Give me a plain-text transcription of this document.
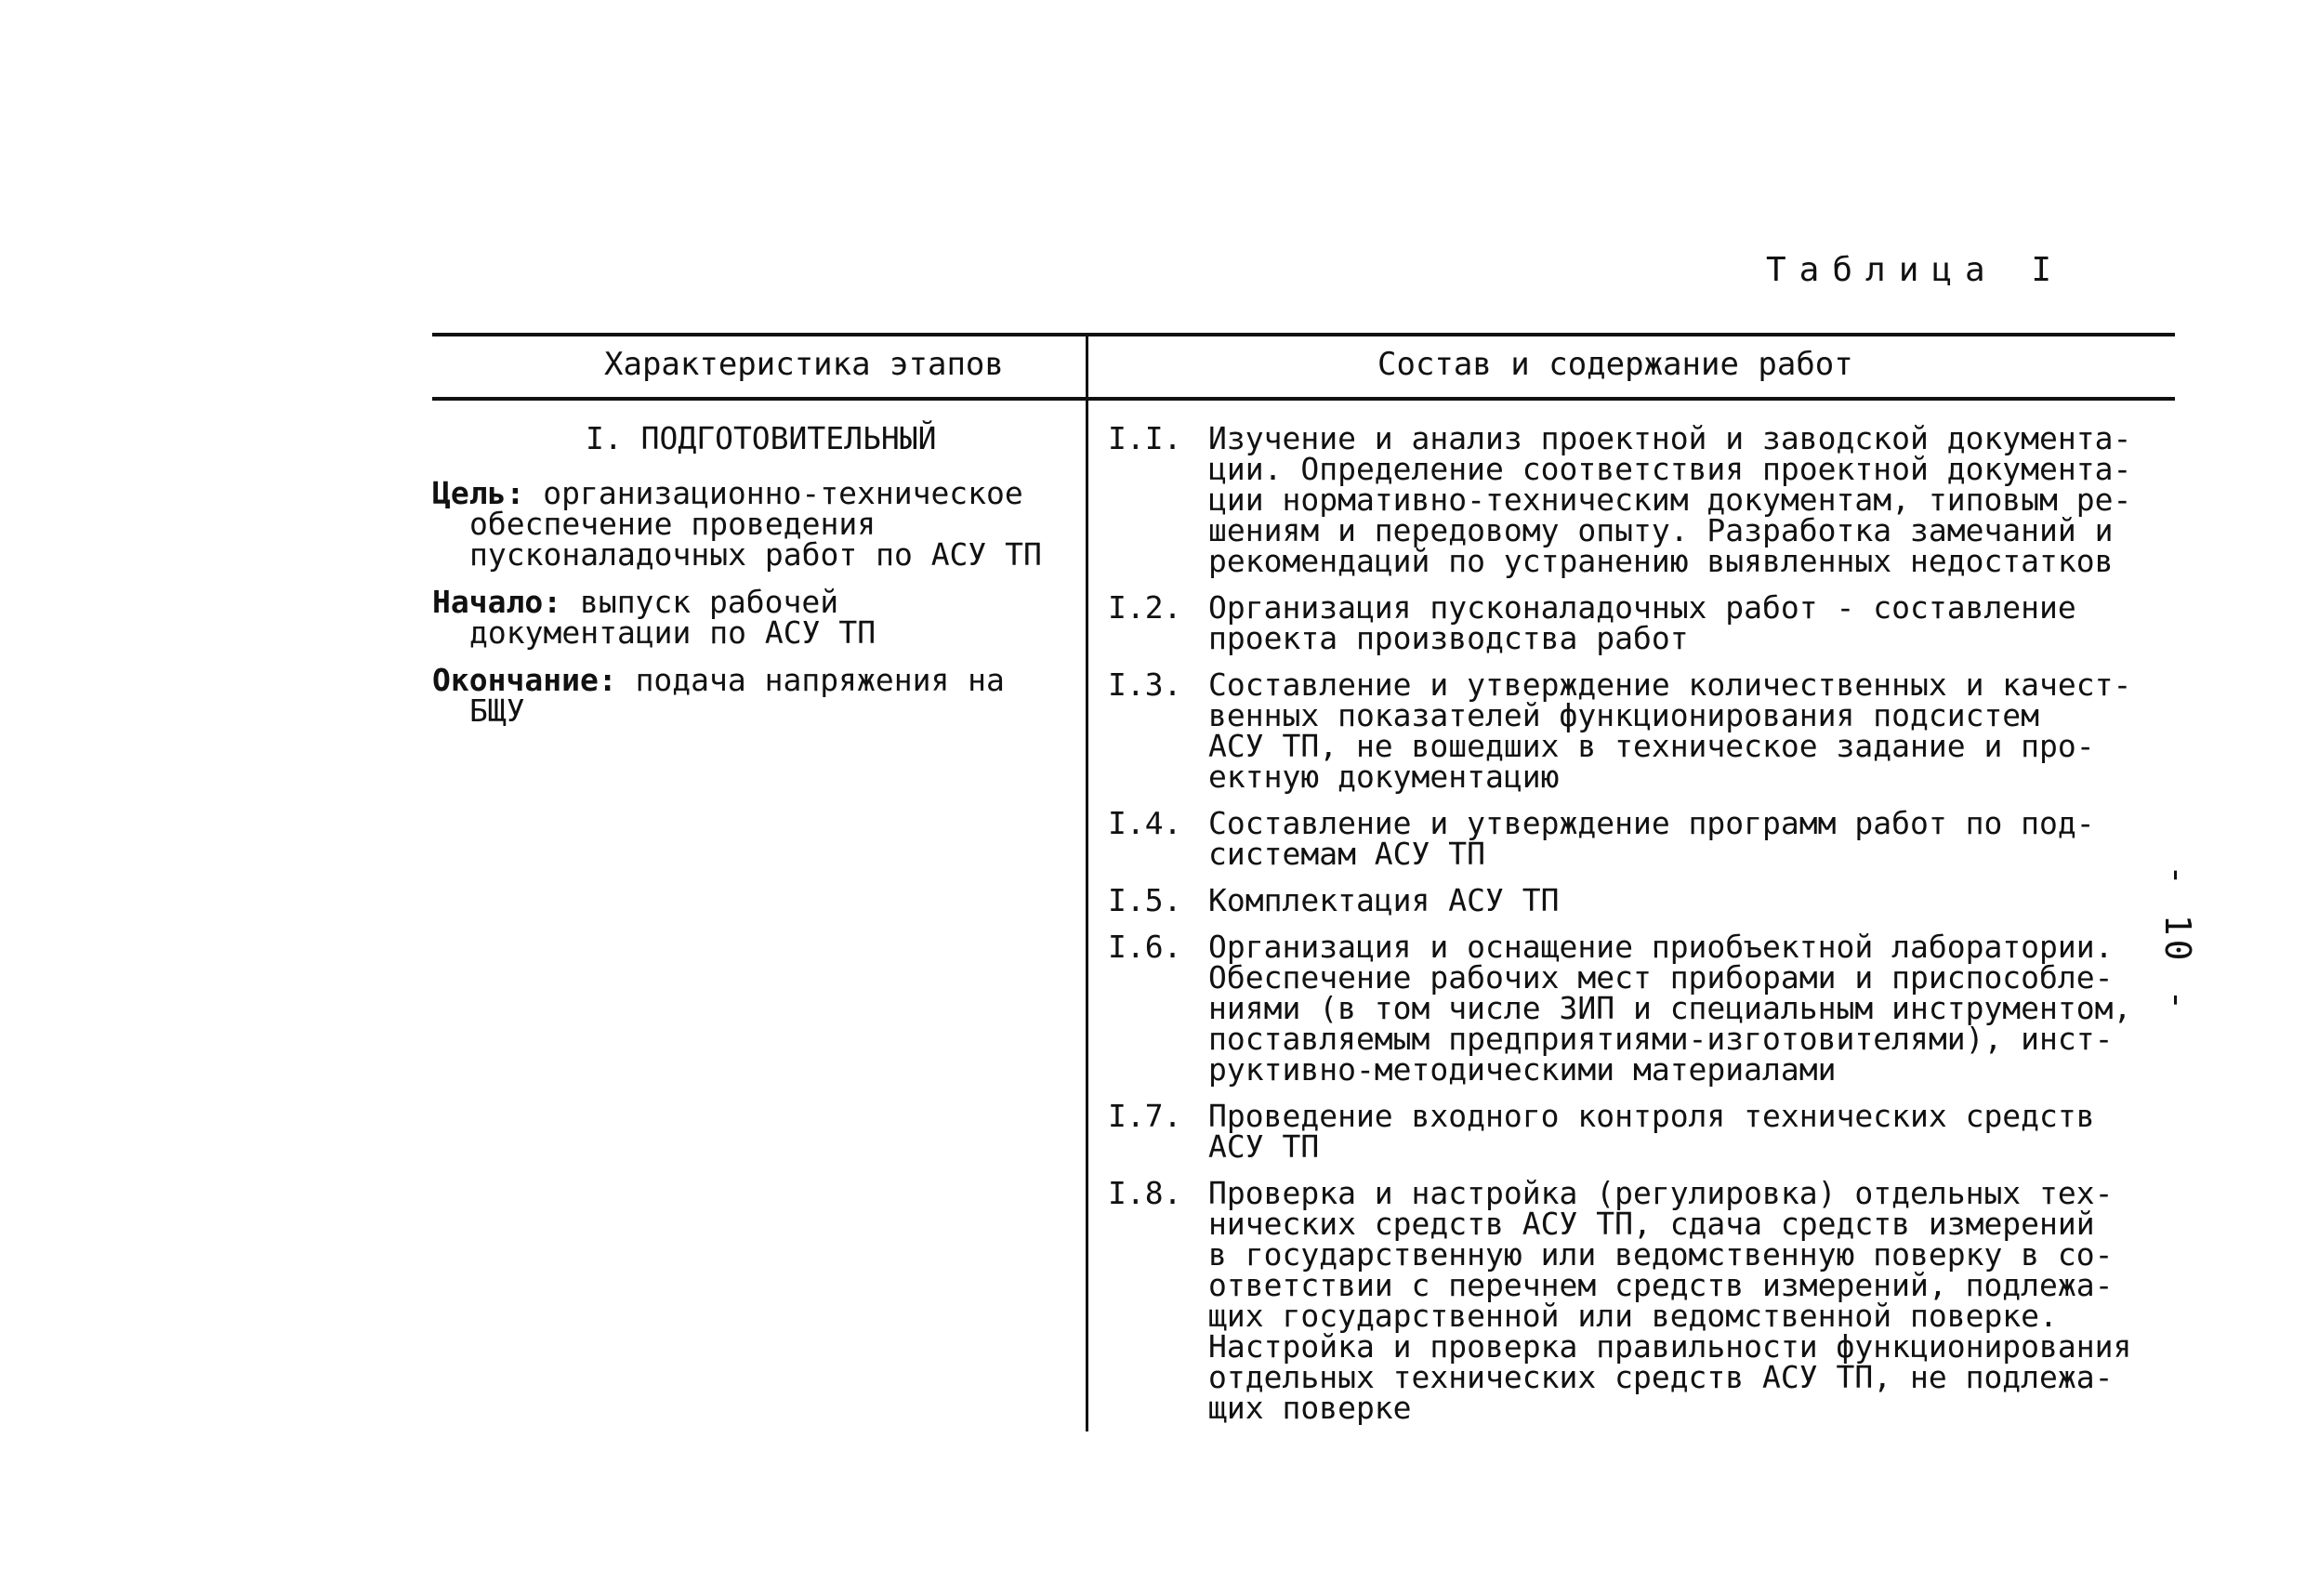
Таблица I
Характеристика этапов	Состав и содержание работ
I. ПОДГОТОВИТЕЛЬНЫЙ
Цель: организационно-техническое обеспечение проведения пусконаладочных работ по АСУ ТП
Начало: выпуск рабочей документации по АСУ ТП
Окончание: подача напряжения на БЩУ
I.I. Изучение и анализ проектной и заводской документа-
ции. Определение соответствия проектной документа-
ции нормативно-техническим документам, типовым ре-
шениям и передовому опыту. Разработка замечаний и
рекомендаций по устранению выявленных недостатков
I.2. Организация пусконаладочных работ - составление
проекта производства работ
I.3. Составление и утверждение количественных и качест-
венных показателей функционирования подсистем
АСУ ТП, не вошедших в техническое задание и про-
ектную документацию
I.4. Составление и утверждение программ работ по под-
системам АСУ ТП
I.5. Комплектация АСУ ТП
I.6. Организация и оснащение приобъектной лаборатории.
Обеспечение рабочих мест приборами и приспособле-
ниями (в том числе ЗИП и специальным инструментом,
поставляемым предприятиями-изготовителями), инст-
руктивно-методическими материалами
I.7. Проведение входного контроля технических средств
АСУ ТП
I.8. Проверка и настройка (регулировка) отдельных тех-
нических средств АСУ ТП, сдача средств измерений
в государственную или ведомственную поверку в со-
ответствии с перечнем средств измерений, подлежа-
щих государственной или ведомственной поверке.
Настройка и проверка правильности функционирования
отдельных технических средств АСУ ТП, не подлежа-
щих поверке
- 10 -
